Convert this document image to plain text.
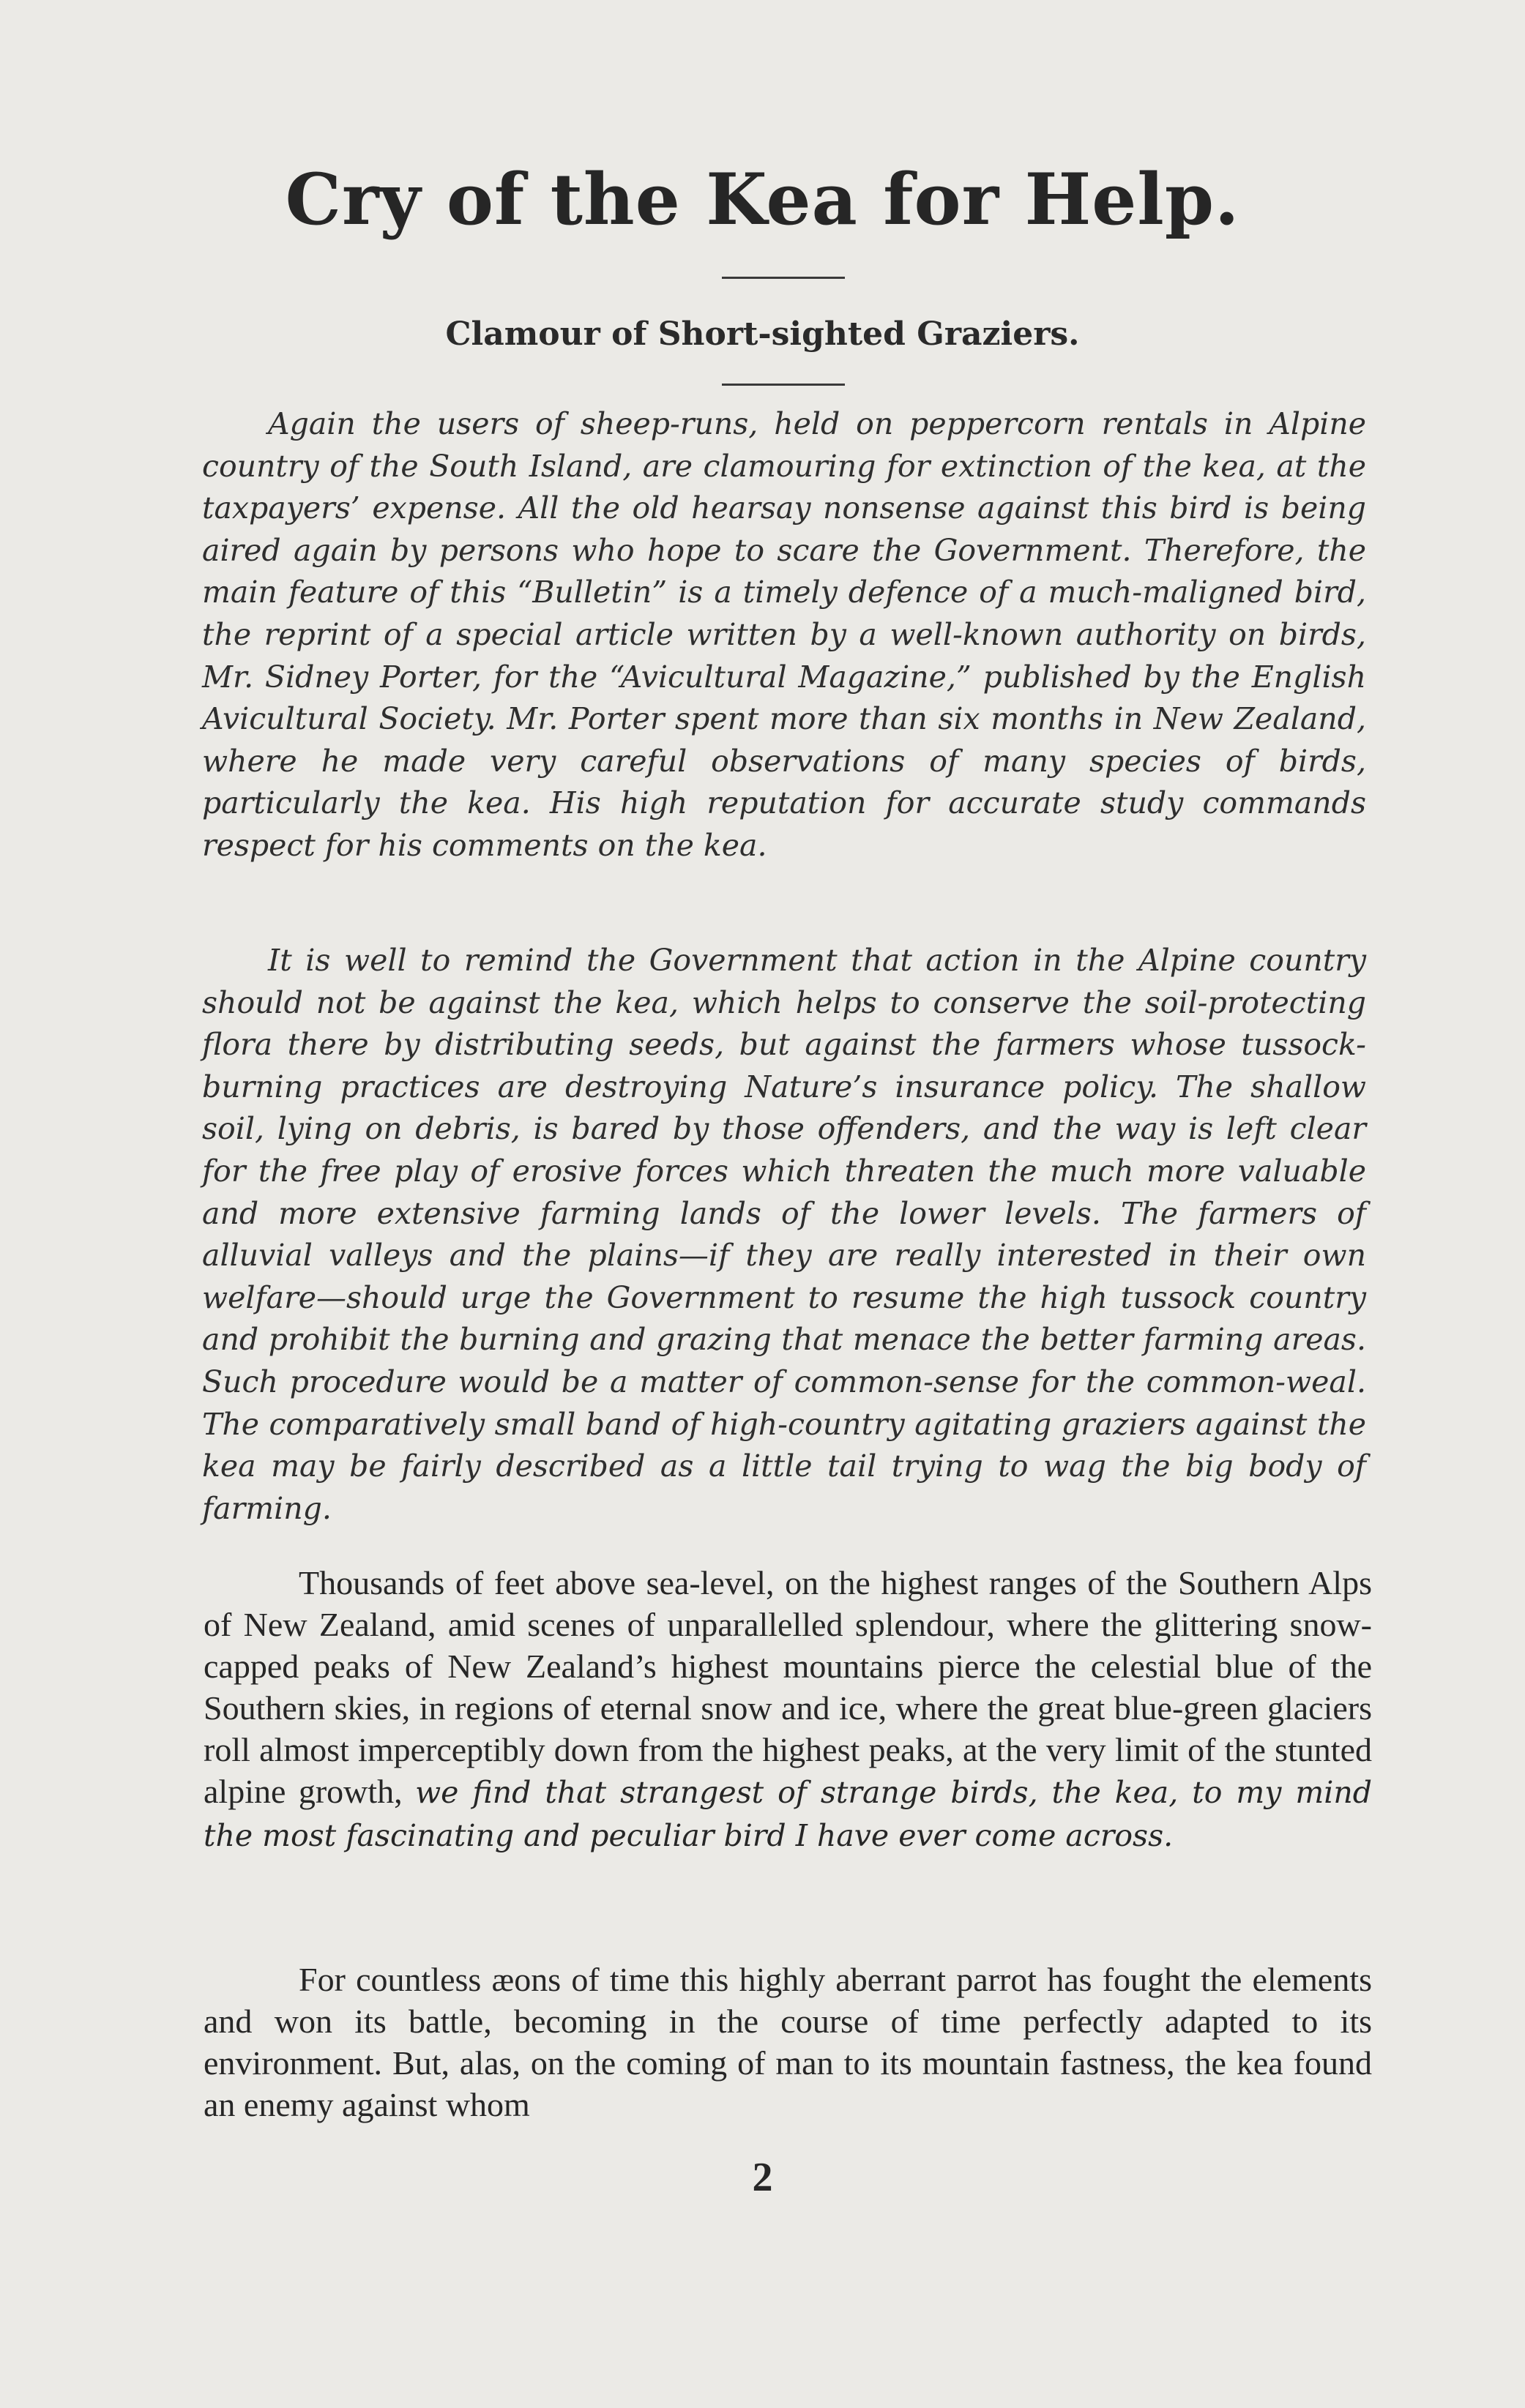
Cry of the Kea for Help.
Clamour of Short-sighted Graziers.

Again the users of sheep-runs, held on peppercorn rentals in Alpine country of the South Island, are clamouring for extinction of the kea, at the taxpayers’ expense. All the old hearsay nonsense against this bird is being aired again by persons who hope to scare the Government. Therefore, the main feature of this “Bulletin” is a timely defence of a much-maligned bird, the reprint of a special article written by a well-known authority on birds, Mr. Sidney Porter, for the “Avicultural Magazine,” published by the English Avicultural Society. Mr. Porter spent more than six months in New Zealand, where he made very careful observations of many species of birds, particularly the kea. His high reputation for accurate study commands respect for his comments on the kea.

It is well to remind the Government that action in the Alpine country should not be against the kea, which helps to conserve the soil-protecting flora there by distributing seeds, but against the farmers whose tussock-burning practices are destroying Nature’s insurance policy. The shallow soil, lying on debris, is bared by those offenders, and the way is left clear for the free play of erosive forces which threaten the much more valuable and more extensive farming lands of the lower levels. The farmers of alluvial valleys and the plains—if they are really interested in their own welfare—should urge the Government to resume the high tussock country and prohibit the burning and grazing that menace the better farming areas. Such procedure would be a matter of common-sense for the common-weal. The comparatively small band of high-country agitating graziers against the kea may be fairly described as a little tail trying to wag the big body of farming.

Thousands of feet above sea-level, on the highest ranges of the Southern Alps of New Zealand, amid scenes of unparallelled splendour, where the glittering snow-capped peaks of New Zealand’s highest mountains pierce the celestial blue of the Southern skies, in regions of eternal snow and ice, where the great blue-green glaciers roll almost imperceptibly down from the highest peaks, at the very limit of the stunted alpine growth, we find that strangest of strange birds, the kea, to my mind the most fascinating and peculiar bird I have ever come across.

For countless æons of time this highly aberrant parrot has fought the elements and won its battle, becoming in the course of time perfectly adapted to its environment. But, alas, on the coming of man to its mountain fastness, the kea found an enemy against whom

2
